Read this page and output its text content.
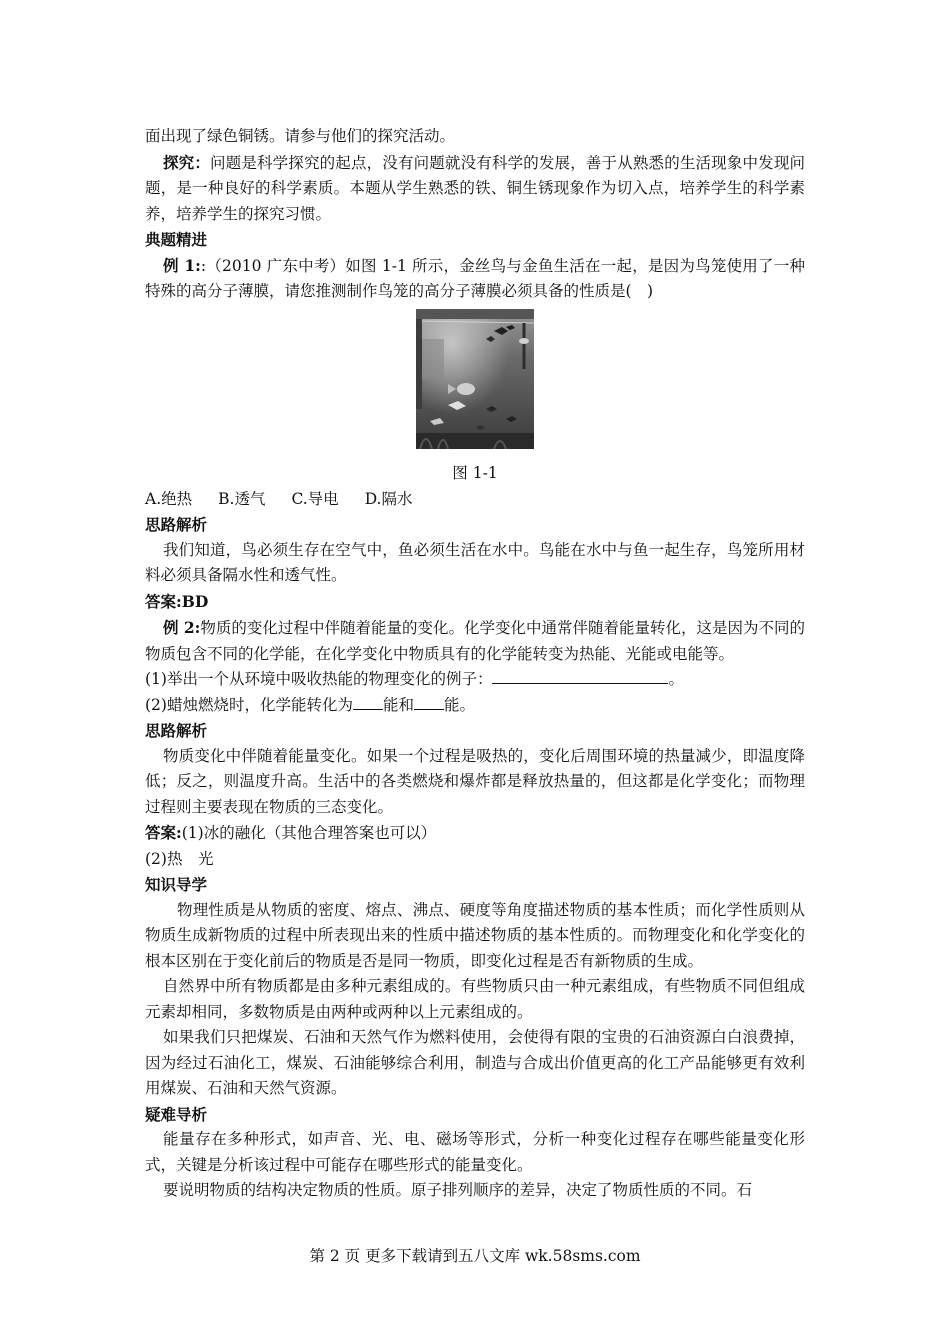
面出现了绿色铜锈。请参与他们的探究活动。

探究：问题是科学探究的起点，没有问题就没有科学的发展，善于从熟悉的生活现象中发现问题，是一种良好的科学素质。本题从学生熟悉的铁、铜生锈现象作为切入点，培养学生的科学素养，培养学生的探究习惯。

典题精进

例 1::（2010 广东中考）如图 1-1 所示，金丝鸟与金鱼生活在一起，是因为鸟笼使用了一种特殊的高分子薄膜，请您推测制作鸟笼的高分子薄膜必须具备的性质是(　)

图 1-1

A.绝热 B.透气 C.导电 D.隔水

思路解析

我们知道，鸟必须生存在空气中，鱼必须生活在水中。鸟能在水中与鱼一起生存，鸟笼所用材料必须具备隔水性和透气性。

答案:BD

例 2:物质的变化过程中伴随着能量的变化。化学变化中通常伴随着能量转化，这是因为不同的物质包含不同的化学能，在化学变化中物质具有的化学能转变为热能、光能或电能等。

(1)举出一个从环境中吸收热能的物理变化的例子：	。

(2)蜡烛燃烧时，化学能转化为 能和 能。

思路解析

物质变化中伴随着能量变化。如果一个过程是吸热的，变化后周围环境的热量减少，即温度降低；反之，则温度升高。生活中的各类燃烧和爆炸都是释放热量的，但这都是化学变化；而物理过程则主要表现在物质的三态变化。

答案:(1)冰的融化（其他合理答案也可以）

(2)热　光

知识导学

物理性质是从物质的密度、熔点、沸点、硬度等角度描述物质的基本性质；而化学性质则从物质生成新物质的过程中所表现出来的性质中描述物质的基本性质的。而物理变化和化学变化的根本区别在于变化前后的物质是否是同一物质，即变化过程是否有新物质的生成。

自然界中所有物质都是由多种元素组成的。有些物质只由一种元素组成，有些物质不同但组成元素却相同，多数物质是由两种或两种以上元素组成的。

如果我们只把煤炭、石油和天然气作为燃料使用，会使得有限的宝贵的石油资源白白浪费掉，因为经过石油化工，煤炭、石油能够综合利用，制造与合成出价值更高的化工产品能够更有效利用煤炭、石油和天然气资源。

疑难导析

能量存在多种形式，如声音、光、电、磁场等形式，分析一种变化过程存在哪些能量变化形式，关键是分析该过程中可能存在哪些形式的能量变化。

要说明物质的结构决定物质的性质。原子排列顺序的差异，决定了物质性质的不同。石

第 2 页 更多下载请到五八文库 wk.58sms.com
